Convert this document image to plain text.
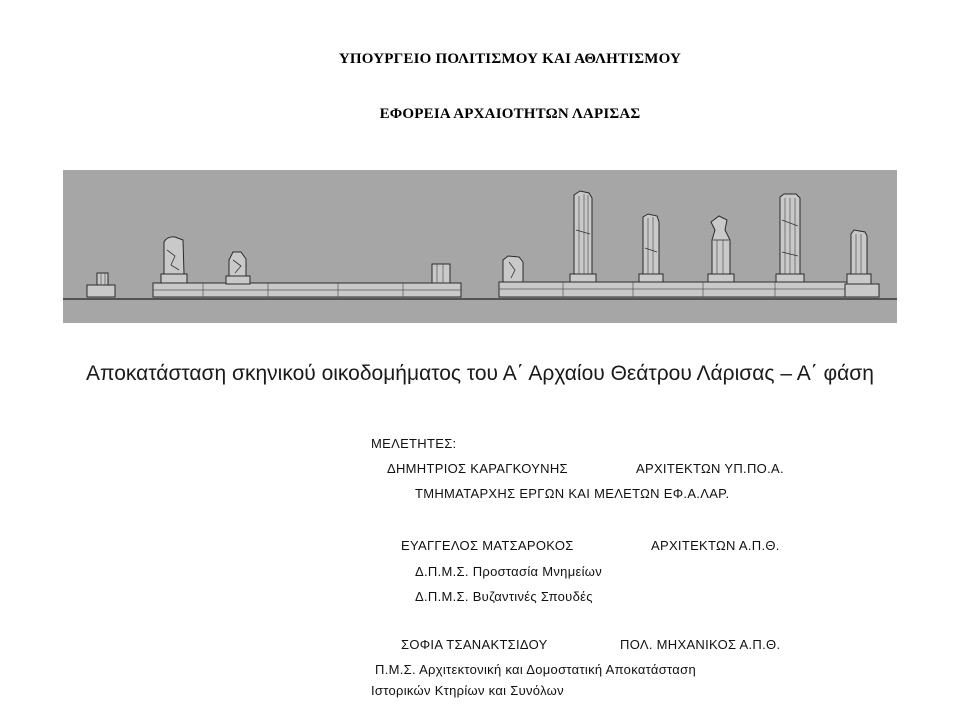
ΥΠΟΥΡΓΕΙΟ ΠΟΛΙΤΙΣΜΟΥ ΚΑΙ ΑΘΛΗΤΙΣΜΟΥ
ΕΦΟΡΕΙΑ ΑΡΧΑΙΟΤΗΤΩΝ ΛΑΡΙΣΑΣ
Αποκατάσταση σκηνικού οικοδομήματος του Α΄ Αρχαίου Θεάτρου Λάρισας – Α΄ φάση
ΜΕΛΕΤΗΤΕΣ:
ΔΗΜΗΤΡΙΟΣ ΚΑΡΑΓΚΟΥΝΗΣ	ΑΡΧΙΤΕΚΤΩΝ ΥΠ.ΠΟ.Α.
ΤΜΗΜΑΤΑΡΧΗΣ ΕΡΓΩΝ ΚΑΙ ΜΕΛΕΤΩΝ ΕΦ.Α.ΛΑΡ.
ΕΥΑΓΓΕΛΟΣ ΜΑΤΣΑΡΟΚΟΣ	ΑΡΧΙΤΕΚΤΩΝ Α.Π.Θ.
Δ.Π.Μ.Σ. Προστασία Μνημείων
Δ.Π.Μ.Σ. Βυζαντινές Σπουδές
ΣΟΦΙΑ ΤΣΑΝΑΚΤΣΙΔΟΥ	ΠΟΛ. ΜΗΧΑΝΙΚΟΣ Α.Π.Θ.
Π.Μ.Σ. Αρχιτεκτονική και Δομοστατική Αποκατάσταση
Ιστορικών Κτηρίων και Συνόλων
